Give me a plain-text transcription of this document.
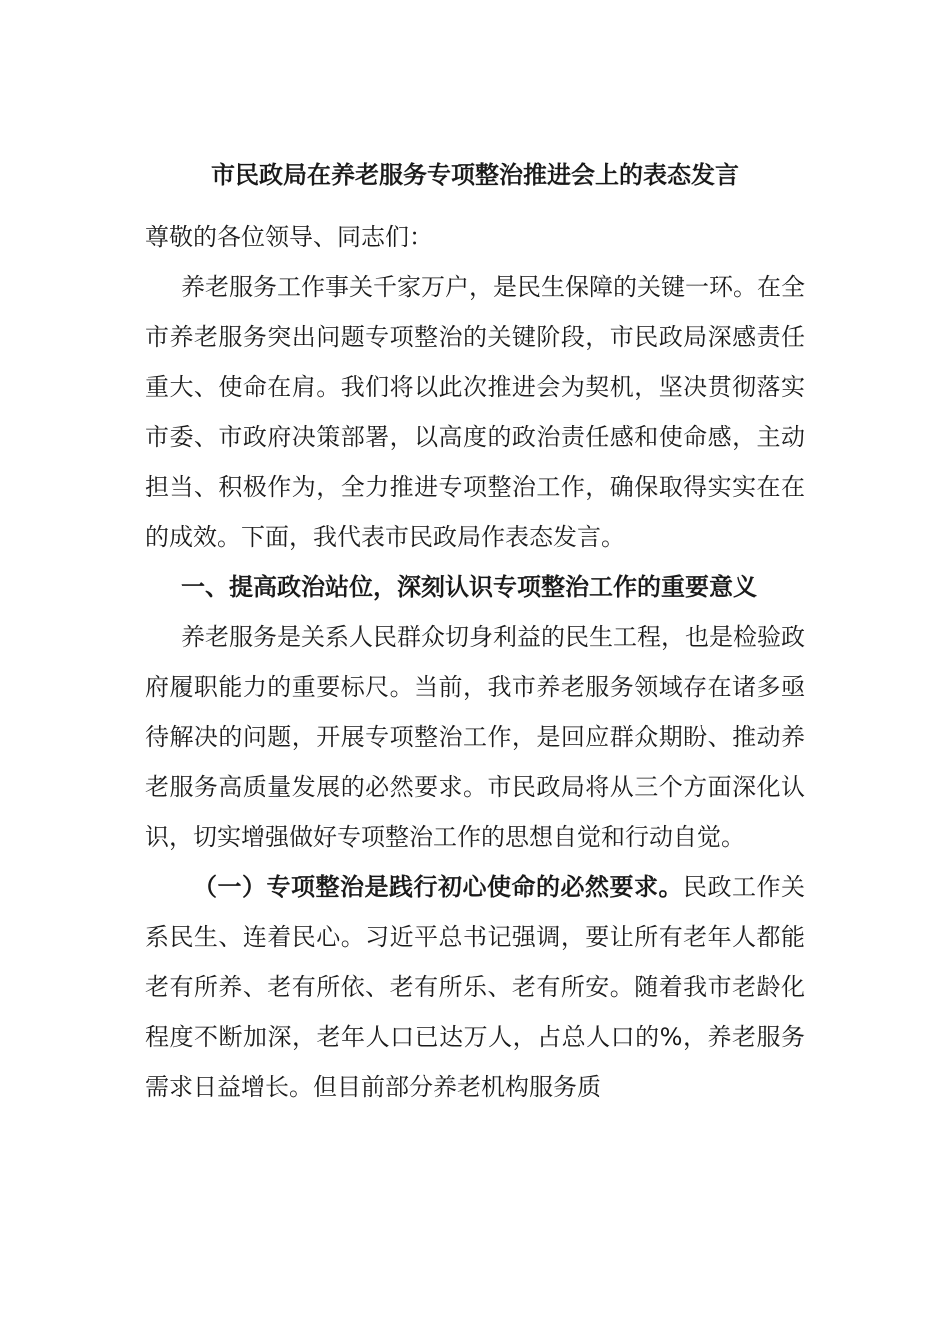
市民政局在养老服务专项整治推进会上的表态发言

尊敬的各位领导、同志们：

养老服务工作事关千家万户，是民生保障的关键一环。在全市养老服务突出问题专项整治的关键阶段，市民政局深感责任重大、使命在肩。我们将以此次推进会为契机，坚决贯彻落实市委、市政府决策部署，以高度的政治责任感和使命感，主动担当、积极作为，全力推进专项整治工作，确保取得实实在在的成效。下面，我代表市民政局作表态发言。

一、提高政治站位，深刻认识专项整治工作的重要意义

养老服务是关系人民群众切身利益的民生工程，也是检验政府履职能力的重要标尺。当前，我市养老服务领域存在诸多亟待解决的问题，开展专项整治工作，是回应群众期盼、推动养老服务高质量发展的必然要求。市民政局将从三个方面深化认识，切实增强做好专项整治工作的思想自觉和行动自觉。

（一）专项整治是践行初心使命的必然要求。民政工作关系民生、连着民心。习近平总书记强调，要让所有老年人都能老有所养、老有所依、老有所乐、老有所安。随着我市老龄化程度不断加深，老年人口已达万人，占总人口的%，养老服务需求日益增长。但目前部分养老机构服务质
